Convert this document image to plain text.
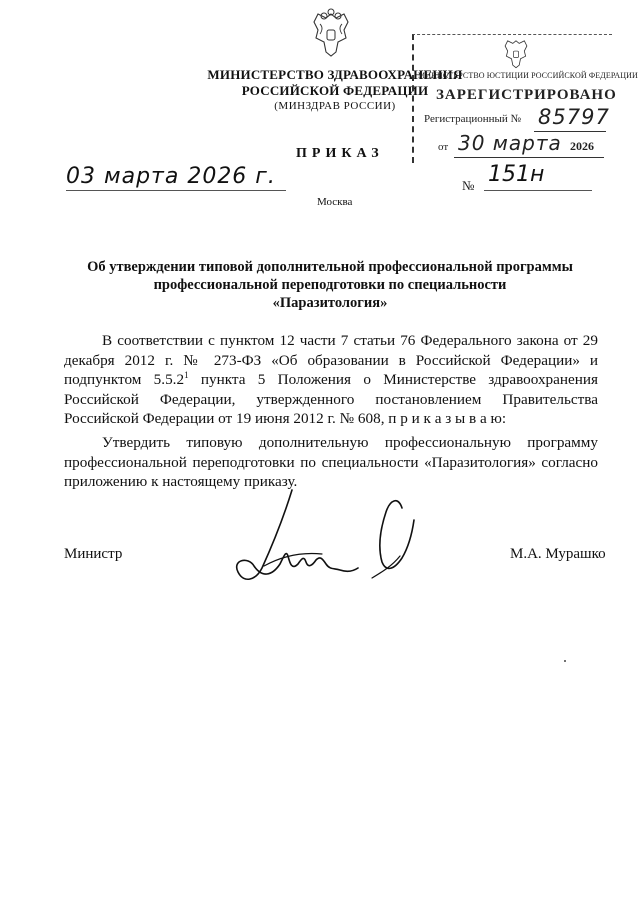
МИНИСТЕРСТВО ЗДРАВООХРАНЕНИЯ
РОССИЙСКОЙ ФЕДЕРАЦИИ
(МИНЗДРАВ РОССИИ)
МИНИСТЕРСТВО ЮСТИЦИИ РОССИЙСКОЙ ФЕДЕРАЦИИ
ЗАРЕГИСТРИРОВАНО
Регистрационный № 85797
от 30 марта 2026
ПРИКАЗ
03 марта 2026 г.	№ 151н
Москва
Об утверждении типовой дополнительной профессиональной программы
профессиональной переподготовки по специальности
«Паразитология»
В соответствии с пунктом 12 части 7 статьи 76 Федерального закона от 29 декабря 2012 г. № 273-ФЗ «Об образовании в Российской Федерации» и подпунктом 5.5.2$^1$ пункта 5 Положения о Министерстве здравоохранения Российской Федерации, утвержденного постановлением Правительства Российской Федерации от 19 июня 2012 г. № 608, п р и к а з ы в а ю:
Утвердить типовую дополнительную профессиональную программу профессиональной переподготовки по специальности «Паразитология» согласно приложению к настоящему приказу.
Министр	М.А. Мурашко
